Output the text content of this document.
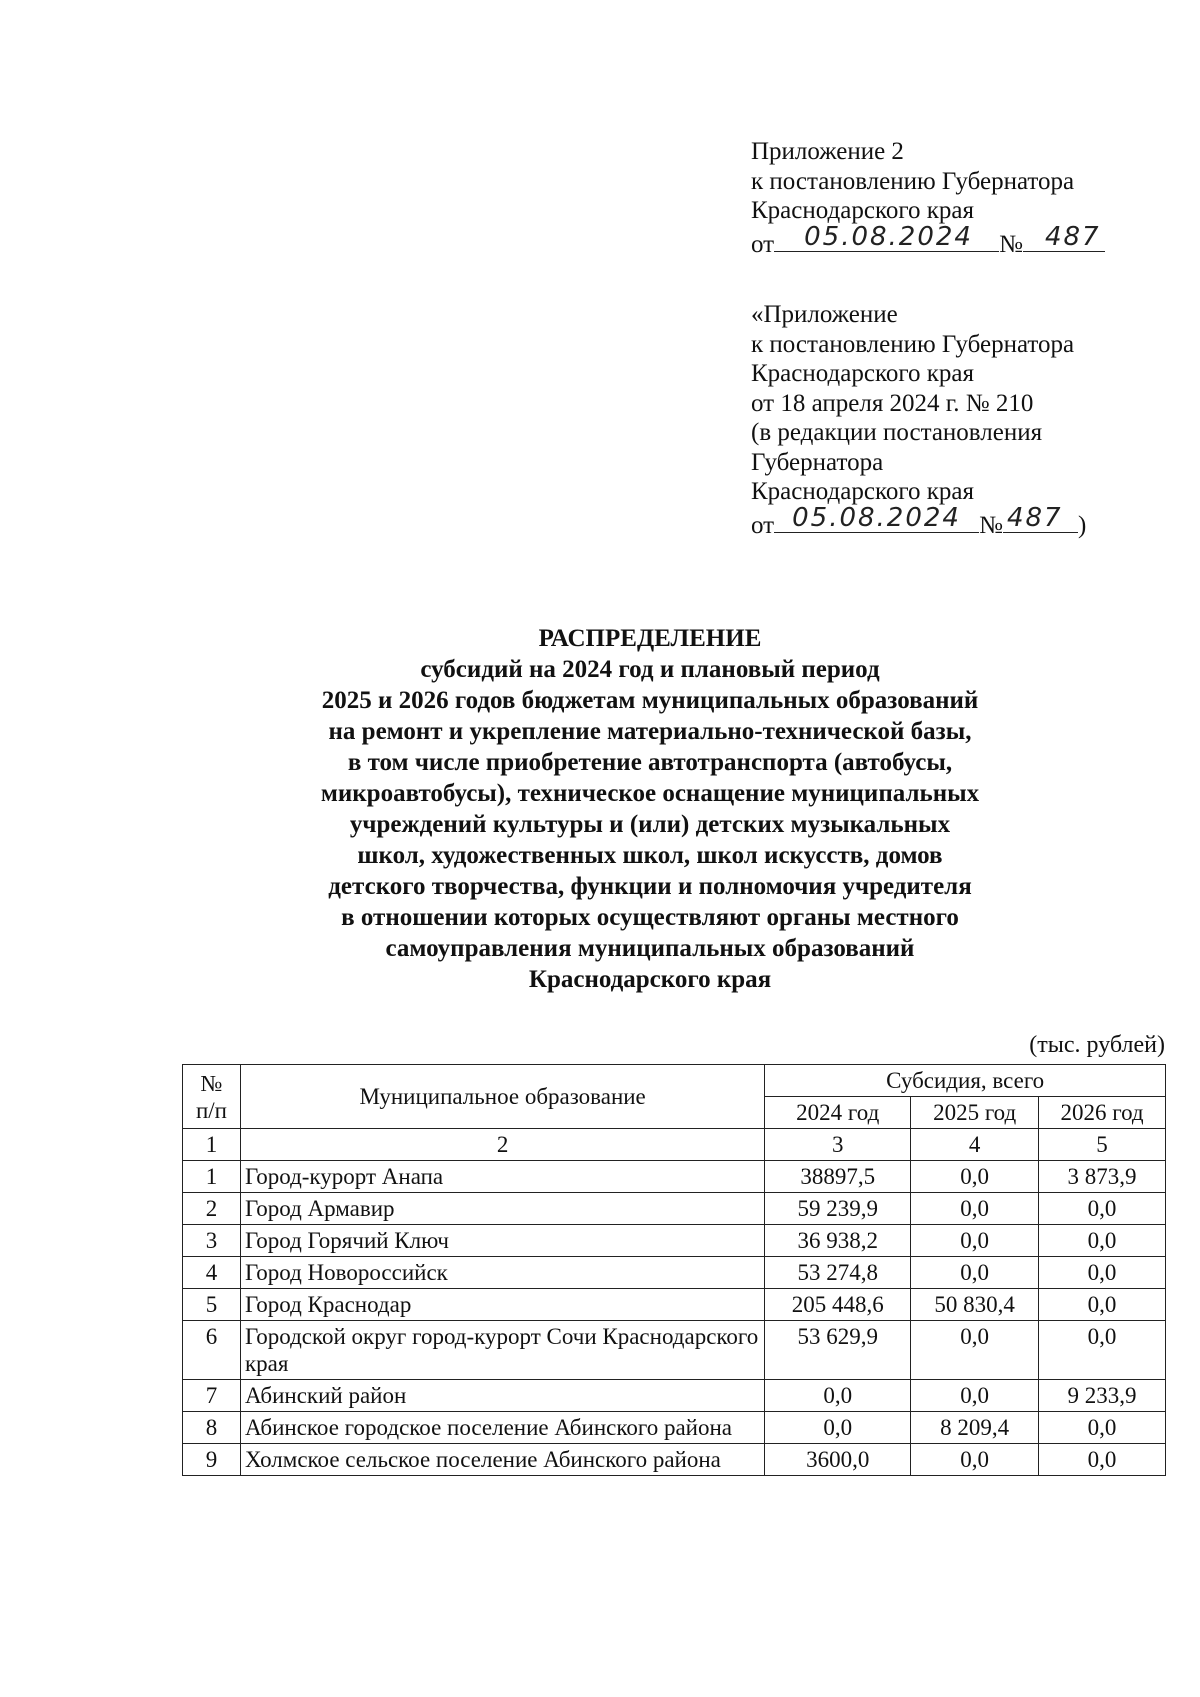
Приложение 2
к постановлению Губернатора
Краснодарского края
от 05.08.2024 № 487
«Приложение
к постановлению Губернатора
Краснодарского края
от 18 апреля 2024 г. № 210
(в редакции постановления
Губернатора
Краснодарского края
от 05.08.2024 № 487 )
РАСПРЕДЕЛЕНИЕ
субсидий на 2024 год и плановый период
2025 и 2026 годов бюджетам муниципальных образований
на ремонт и укрепление материально-технической базы,
в том числе приобретение автотранспорта (автобусы,
микроавтобусы), техническое оснащение муниципальных
учреждений культуры и (или) детских музыкальных
школ, художественных школ, школ искусств, домов
детского творчества, функции и полномочия учредителя
в отношении которых осуществляют органы местного
самоуправления муниципальных образований
Краснодарского края
(тыс. рублей)
№ п/п	Муниципальное образование	Субсидия, всего		
		2024 год	2025 год	2026 год
1	2	3	4	5
1	Город-курорт Анапа	38897,5	0,0	3 873,9
2	Город Армавир	59 239,9	0,0	0,0
3	Город Горячий Ключ	36 938,2	0,0	0,0
4	Город Новороссийск	53 274,8	0,0	0,0
5	Город Краснодар	205 448,6	50 830,4	0,0
6	Городской округ город-курорт Сочи Краснодарского края	53 629,9	0,0	0,0
7	Абинский район	0,0	0,0	9 233,9
8	Абинское городское поселение Абинского района	0,0	8 209,4	0,0
9	Холмское сельское поселение Абинского района	3600,0	0,0	0,0
